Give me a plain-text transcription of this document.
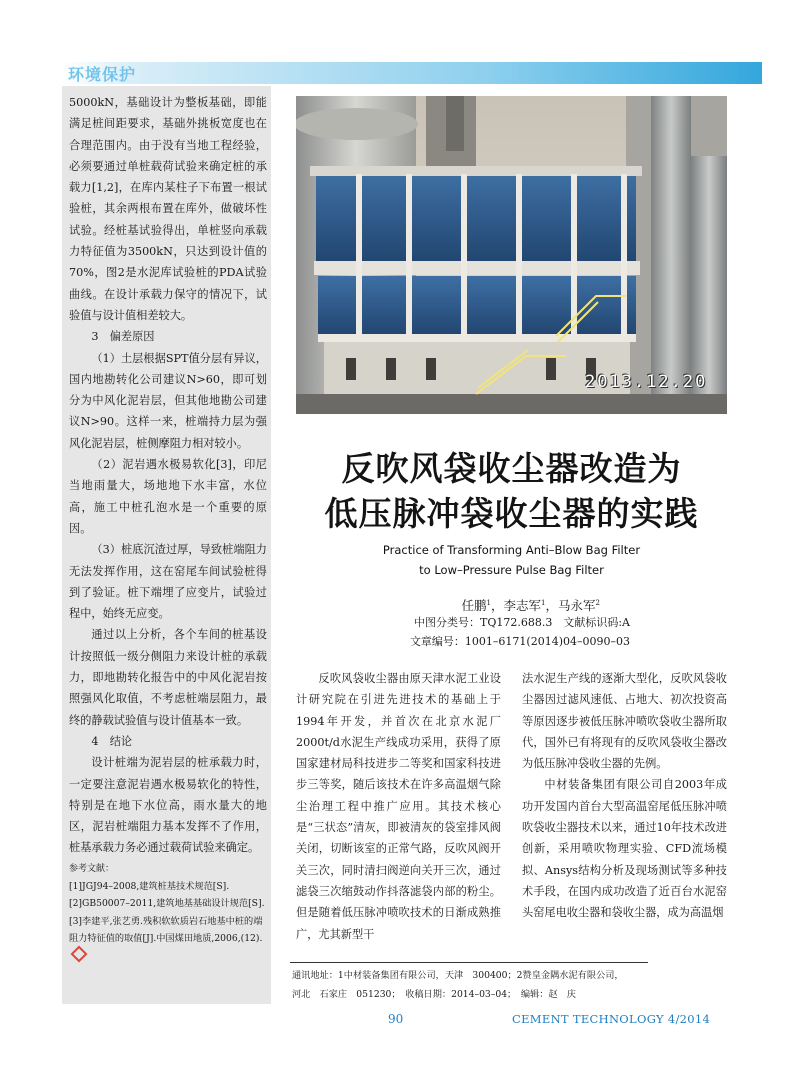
环境保护

5000kN，基础设计为整板基础，即能满足桩间距要求，基础外挑板宽度也在合理范围内。由于没有当地工程经验，必须要通过单桩载荷试验来确定桩的承载力[1,2]，在库内某柱子下布置一根试验桩，其余两根布置在库外，做破坏性试验。经桩基试验得出，单桩竖向承载力特征值为3500kN，只达到设计值的70%，图2是水泥库试验桩的PDA试验曲线。在设计承载力保守的情况下，试验值与设计值相差较大。

3　偏差原因

（1）土层根据SPT值分层有异议，国内地勘转化公司建议N>60，即可划分为中风化泥岩层，但其他地勘公司建议N>90。这样一来，桩端持力层为强风化泥岩层，桩侧摩阻力相对较小。

（2）泥岩遇水极易软化[3]，印尼当地雨量大，场地地下水丰富，水位高，施工中桩孔泡水是一个重要的原因。

（3）桩底沉渣过厚，导致桩端阻力无法发挥作用，这在窑尾车间试验桩得到了验证。桩下端埋了应变片，试验过程中，始终无应变。

通过以上分析，各个车间的桩基设计按照低一级分侧阻力来设计桩的承载力，即地勘转化报告中的中风化泥岩按照强风化取值，不考虑桩端层阻力，最终的静载试验值与设计值基本一致。

4　结论

设计桩端为泥岩层的桩承载力时，一定要注意泥岩遇水极易软化的特性，特别是在地下水位高，雨水量大的地区，泥岩桩端阻力基本发挥不了作用，桩基承载力务必通过载荷试验来确定。

参考文献：
[1]JGJ94–2008,建筑桩基技术规范[S].
[2]GB50007–2011,建筑地基基础设计规范[S].
[3]李建平,张艺勇.残积软软质岩石地基中桩的端阻力特征值的取值[J].中国煤田地质,2006,(12).
2013.12.20
反吹风袋收尘器改造为
低压脉冲袋收尘器的实践
Practice of Transforming Anti–Blow Bag Filter
to Low–Pressure Pulse Bag Filter
任鹏$^1$，李志军$^1$，马永军$^2$
中图分类号：TQ172.688.3　文献标识码:A
文章编号：1001–6171(2014)04–0090–03

反吹风袋收尘器由原天津水泥工业设计研究院在引进先进技术的基础上于1994年开发，并首次在北京水泥厂2000t/d水泥生产线成功采用，获得了原国家建材局科技进步二等奖和国家科技进步三等奖，随后该技术在许多高温烟气除尘治理工程中推广应用。其技术核心是“三状态”清灰，即被清灰的袋室排风阀关闭，切断该室的正常气路，反吹风阀开关三次，同时清扫阀逆向关开三次，通过滤袋三次缩鼓动作抖落滤袋内部的粉尘。但是随着低压脉冲喷吹技术的日渐成熟推广，尤其新型干

法水泥生产线的逐渐大型化，反吹风袋收尘器因过滤风速低、占地大、初次投资高等原因逐步被低压脉冲喷吹袋收尘器所取代，国外已有将现有的反吹风袋收尘器改为低压脉冲袋收尘器的先例。

中材装备集团有限公司自2003年成功开发国内首台大型高温窑尾低压脉冲喷吹袋收尘器技术以来，通过10年技术改进创新，采用喷吹物理实验、CFD流场模拟、Ansys结构分析及现场测试等多种技术手段，在国内成功改造了近百台水泥窑头窑尾电收尘器和袋收尘器，成为高温烟

通讯地址：1中材装备集团有限公司，天津　300400；2赞皇金隅水泥有限公司，
河北　石家庄　051230；　收稿日期：2014–03–04；　编辑：赵　庆
90	CEMENT TECHNOLOGY 4/2014
